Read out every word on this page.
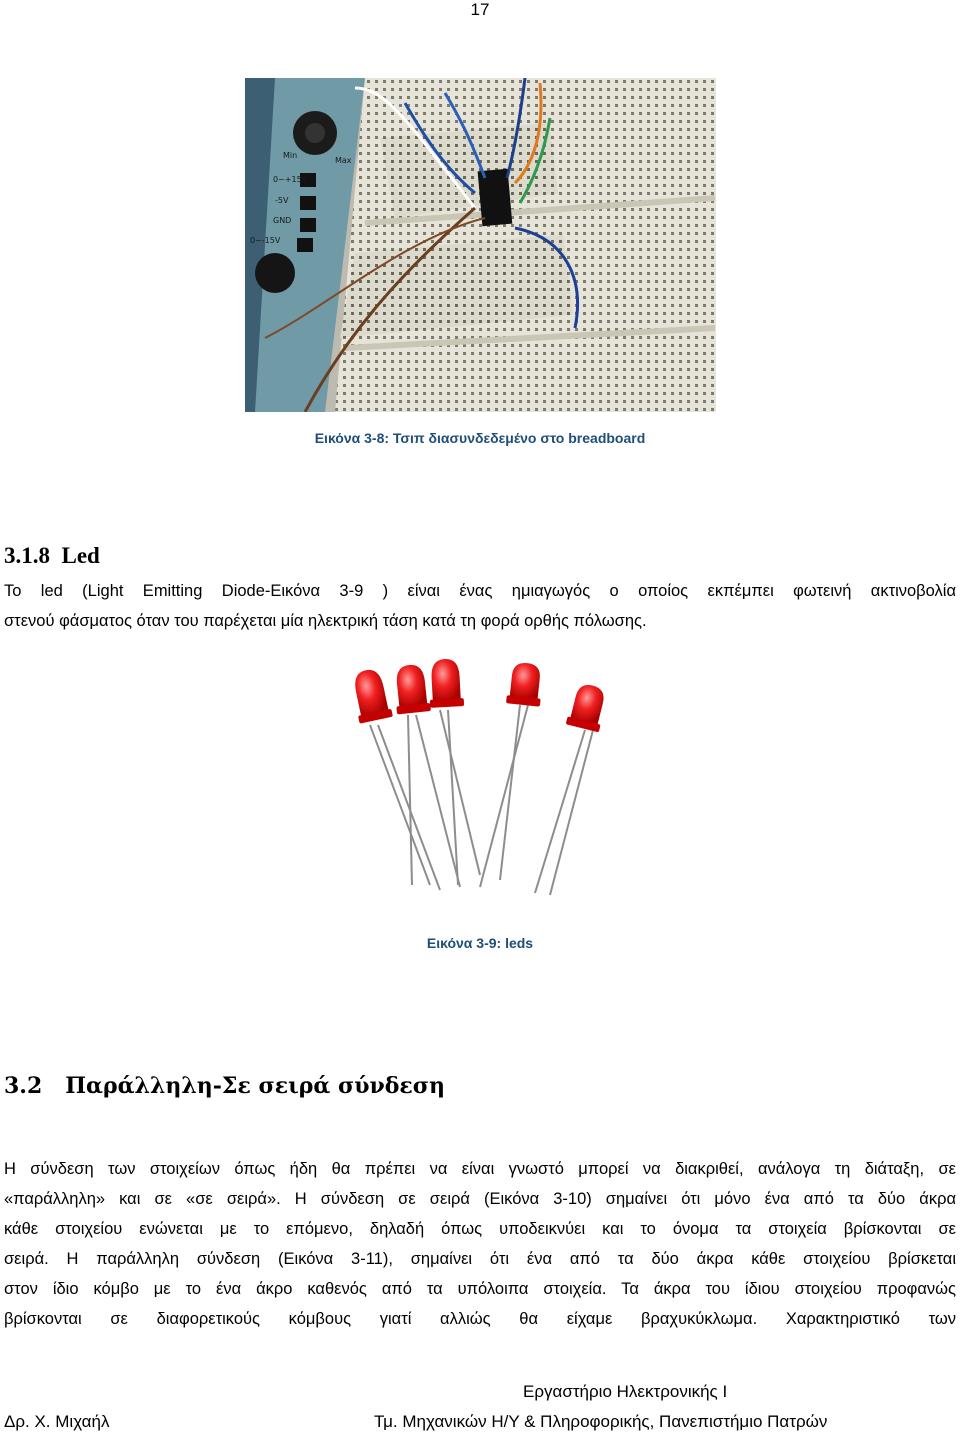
17
Min
Max
0~+15V
-5V
GND
0~-15V
Εικόνα 3-8: Τσιπ διασυνδεδεμένο στο breadboard
3.1.8 Led
Το led (Light Emitting Diode-Εικόνα 3-9 ) είναι ένας ημιαγωγός ο οποίος εκπέμπει φωτεινή ακτινοβολία
στενού φάσματος όταν του παρέχεται μία ηλεκτρική τάση κατά τη φορά ορθής πόλωσης.
Εικόνα 3-9: leds
3.2 Παράλληλη-Σε σειρά σύνδεση
Η σύνδεση των στοιχείων όπως ήδη θα πρέπει να είναι γνωστό μπορεί να διακριθεί, ανάλογα τη διάταξη, σε
«παράλληλη» και σε «σε σειρά». Η σύνδεση σε σειρά (Εικόνα 3-10) σημαίνει ότι μόνο ένα από τα δύο άκρα
κάθε στοιχείου ενώνεται με το επόμενο, δηλαδή όπως υποδεικνύει και το όνομα τα στοιχεία βρίσκονται σε
σειρά. Η παράλληλη σύνδεση (Εικόνα 3-11), σημαίνει ότι ένα από τα δύο άκρα κάθε στοιχείου βρίσκεται
στον ίδιο κόμβο με το ένα άκρο καθενός από τα υπόλοιπα στοιχεία. Τα άκρα του ίδιου στοιχείου προφανώς
βρίσκονται σε διαφορετικούς κόμβους γιατί αλλιώς θα είχαμε βραχυκύκλωμα. Χαρακτηριστικό των
Εργαστήριο Ηλεκτρονικής Ι
Δρ. Χ. Μιχαήλ	Τμ. Μηχανικών Η/Υ & Πληροφορικής, Πανεπιστήμιο Πατρών
